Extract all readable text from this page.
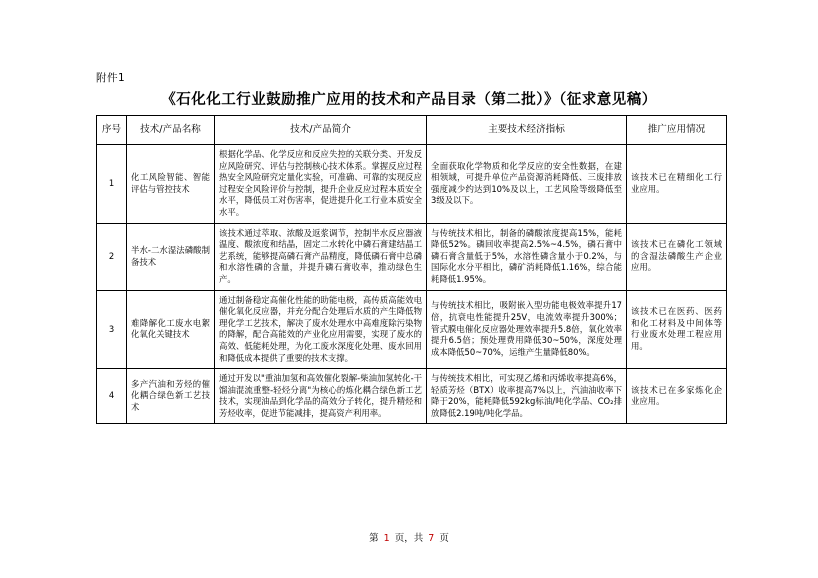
附件1
《石化化工行业鼓励推广应用的技术和产品目录（第二批）》（征求意见稿）
序号	技术/产品名称	技术/产品简介	主要技术经济指标	推广应用情况
1	化工风险智能、智能评估与管控技术	根据化学品、化学反应和反应失控的关联分类、开发反应风险研究、评估与控制核心技术体系。掌握反应过程热安全风险研究定量化实验，可准确、可靠的实现反应过程安全风险评价与控制，提升企业反应过程本质安全水平，降低员工对伤害率，促进提升化工行业本质安全水平。	全面获取化学物质和化学反应的安全性数据，在建相领域，可提升单位产品资源消耗降低、三废排放强度减少约达到10%及以上，工艺风险等级降低至3级及以下。	该技术已在精细化工行业应用。
2	半水-二水湿法磷酸制备技术	该技术通过萃取、浓酸及返浆调节，控制半水反应器液温度、酸浓度和结晶，固定二水转化中磷石膏建结晶工艺系统，能够提高磷石膏产品精度，降低磷石膏中总磷和水溶性磷的含量，并提升磷石膏收率，推动绿色生产。	与传统技术相比，制备的磷酸浓度提高15%，能耗降低52%。磷回收率提高2.5%~4.5%，磷石膏中磷石膏含量低于5%，水溶性磷含量小于0.2%，与国际化水分平相比，磷矿消耗降低1.16%，综合能耗降低1.95%。	该技术已在磷化工领域的含湿法磷酸生产企业应用。
3	难降解化工废水电絮化氧化关键技术	通过制备稳定高催化性能的助能电极，高传质高能效电催化氧化反应器，并充分配合处理后水质的产生降低物理化学工艺技术，解决了废水处理水中高难度除污染物的降解，配合高能效的产业化应用需要，实现了废水的高效、低能耗处理，为化工废水深度化处理、废水回用和降低成本提供了重要的技术支撑。	与传统技术相比，吸附嵌入型功能电极效率提升17倍，抗衰电性能提升25V，电流效率提升300%；管式膜电催化反应器处理效率提升5.8倍，氧化效率提升6.5倍；预处理费用降低30~50%，深度处理成本降低50~70%，运维产生量降低80%。	该技术已在医药、医药和化工材料及中间体等行业废水处理工程应用用。
4	多产汽油和芳烃的催化耦合绿色新工艺技术	通过开发以"重油加氢和高效催化裂解-柴油加氢转化-干馏油混流重整-轻烃分离"为核心的炼化耦合绿色新工艺技术，实现油品到化学品的高效分子转化，提升精烃和芳烃收率，促进节能减排，提高资产利用率。	与传统技术相比，可实现乙烯和丙烯收率提高6%，轻质芳烃（BTX）收率提高7%以上，汽油油收率下降于20%，能耗降低592kg标油/吨化学品、CO₂排放降低2.19吨/吨化学品。	该技术已在多家炼化企业应用。
第 1 页，共 7 页
